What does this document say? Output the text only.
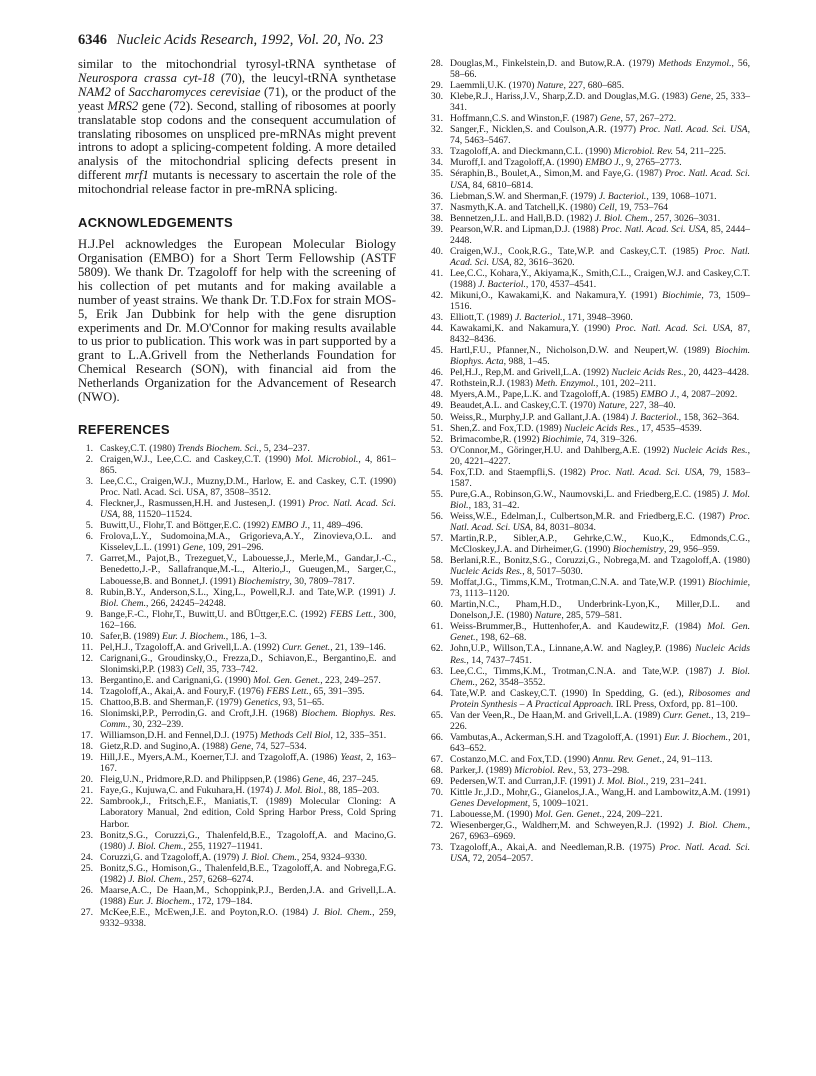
6346 Nucleic Acids Research, 1992, Vol. 20, No. 23

similar to the mitochondrial tyrosyl-tRNA synthetase of Neurospora crassa cyt-18 (70), the leucyl-tRNA synthetase NAM2 of Saccharomyces cerevisiae (71), or the product of the yeast MRS2 gene (72). Second, stalling of ribosomes at poorly translatable stop codons and the consequent accumulation of translating ribosomes on unspliced pre-mRNAs might prevent introns to adopt a splicing-competent folding. A more detailed analysis of the mitochondrial splicing defects present in different mrf1 mutants is necessary to ascertain the role of the mitochondrial release factor in pre-mRNA splicing.

ACKNOWLEDGEMENTS

H.J.Pel acknowledges the European Molecular Biology Organisation (EMBO) for a Short Term Fellowship (ASTF 5809). We thank Dr. Tzagoloff for help with the screening of his collection of pet mutants and for making available a number of yeast strains. We thank Dr. T.D.Fox for strain MOS-5, Erik Jan Dubbink for help with the gene disruption experiments and Dr. M.O'Connor for making results available to us prior to publication. This work was in part supported by a grant to L.A.Grivell from the Netherlands Foundation for Chemical Research (SON), with financial aid from the Netherlands Organization for the Advancement of Research (NWO).

REFERENCES
1. Caskey,C.T. (1980) Trends Biochem. Sci., 5, 234–237.
2. Craigen,W.J., Lee,C.C. and Caskey,C.T. (1990) Mol. Microbiol., 4, 861–865.
3. Lee,C.C., Craigen,W.J., Muzny,D.M., Harlow, E. and Caskey, C.T. (1990) Proc. Natl. Acad. Sci. USA, 87, 3508–3512.
4. Fleckner,J., Rasmussen,H.H. and Justesen,J. (1991) Proc. Natl. Acad. Sci. USA, 88, 11520–11524.
5. Buwitt,U., Flohr,T. and Böttger,E.C. (1992) EMBO J., 11, 489–496.
6. Frolova,L.Y., Sudomoina,M.A., Grigorieva,A.Y., Zinovieva,O.L. and Kisselev,L.L. (1991) Gene, 109, 291–296.
7. Garret,M., Pajot,B., Trezeguet,V., Labouesse,J., Merle,M., Gandar,J.-C., Benedetto,J.-P., Sallafranque,M.-L., Alterio,J., Gueugen,M., Sarger,C., Labouesse,B. and Bonnet,J. (1991) Biochemistry, 30, 7809–7817.
8. Rubin,B.Y., Anderson,S.L., Xing,L., Powell,R.J. and Tate,W.P. (1991) J. Biol. Chem., 266, 24245–24248.
9. Bange,F.-C., Flohr,T., Buwitt,U. and BÜttger,E.C. (1992) FEBS Lett., 300, 162–166.
10. Safer,B. (1989) Eur. J. Biochem., 186, 1–3.
11. Pel,H.J., Tzagoloff,A. and Grivell,L.A. (1992) Curr. Genet., 21, 139–146.
12. Carignani,G., Groudinsky,O., Frezza,D., Schiavon,E., Bergantino,E. and Slonimski,P.P. (1983) Cell, 35, 733–742.
13. Bergantino,E. and Carignani,G. (1990) Mol. Gen. Genet., 223, 249–257.
14. Tzagoloff,A., Akai,A. and Foury,F. (1976) FEBS Lett., 65, 391–395.
15. Chattoo,B.B. and Sherman,F. (1979) Genetics, 93, 51–65.
16. Slonimski,P.P., Perrodin,G. and Croft,J.H. (1968) Biochem. Biophys. Res. Comm., 30, 232–239.
17. Williamson,D.H. and Fennel,D.J. (1975) Methods Cell Biol, 12, 335–351.
18. Gietz,R.D. and Sugino,A. (1988) Gene, 74, 527–534.
19. Hill,J.E., Myers,A.M., Koerner,T.J. and Tzagoloff,A. (1986) Yeast, 2, 163–167.
20. Fleig,U.N., Pridmore,R.D. and Philippsen,P. (1986) Gene, 46, 237–245.
21. Faye,G., Kujuwa,C. and Fukuhara,H. (1974) J. Mol. Biol., 88, 185–203.
22. Sambrook,J., Fritsch,E.F., Maniatis,T. (1989) Molecular Cloning: A Laboratory Manual, 2nd edition, Cold Spring Harbor Press, Cold Spring Harbor.
23. Bonitz,S.G., Coruzzi,G., Thalenfeld,B.E., Tzagoloff,A. and Macino,G. (1980) J. Biol. Chem., 255, 11927–11941.
24. Coruzzi,G. and Tzagoloff,A. (1979) J. Biol. Chem., 254, 9324–9330.
25. Bonitz,S.G., Homison,G., Thalenfeld,B.E., Tzagoloff,A. and Nobrega,F.G. (1982) J. Biol. Chem., 257, 6268–6274.
26. Maarse,A.C., De Haan,M., Schoppink,P.J., Berden,J.A. and Grivell,L.A. (1988) Eur. J. Biochem., 172, 179–184.
27. McKee,E.E., McEwen,J.E. and Poyton,R.O. (1984) J. Biol. Chem., 259, 9332–9338.
28. Douglas,M., Finkelstein,D. and Butow,R.A. (1979) Methods Enzymol., 56, 58–66.
29. Laemmli,U.K. (1970) Nature, 227, 680–685.
30. Klebe,R.J., Hariss,J.V., Sharp,Z.D. and Douglas,M.G. (1983) Gene, 25, 333–341.
31. Hoffmann,C.S. and Winston,F. (1987) Gene, 57, 267–272.
32. Sanger,F., Nicklen,S. and Coulson,A.R. (1977) Proc. Natl. Acad. Sci. USA, 74, 5463–5467.
33. Tzagoloff,A. and Dieckmann,C.L. (1990) Microbiol. Rev. 54, 211–225.
34. Muroff,I. and Tzagoloff,A. (1990) EMBO J., 9, 2765–2773.
35. Séraphin,B., Boulet,A., Simon,M. and Faye,G. (1987) Proc. Natl. Acad. Sci. USA, 84, 6810–6814.
36. Liebman,S.W. and Sherman,F. (1979) J. Bacteriol., 139, 1068–1071.
37. Nasmyth,K.A. and Tatchell,K. (1980) Cell, 19, 753–764
38. Bennetzen,J.L. and Hall,B.D. (1982) J. Biol. Chem., 257, 3026–3031.
39. Pearson,W.R. and Lipman,D.J. (1988) Proc. Natl. Acad. Sci. USA, 85, 2444–2448.
40. Craigen,W.J., Cook,R.G., Tate,W.P. and Caskey,C.T. (1985) Proc. Natl. Acad. Sci. USA, 82, 3616–3620.
41. Lee,C.C., Kohara,Y., Akiyama,K., Smith,C.L., Craigen,W.J. and Caskey,C.T. (1988) J. Bacteriol., 170, 4537–4541.
42. Mikuni,O., Kawakami,K. and Nakamura,Y. (1991) Biochimie, 73, 1509–1516.
43. Elliott,T. (1989) J. Bacteriol., 171, 3948–3960.
44. Kawakami,K. and Nakamura,Y. (1990) Proc. Natl. Acad. Sci. USA, 87, 8432–8436.
45. Hartl,F.U., Pfanner,N., Nicholson,D.W. and Neupert,W. (1989) Biochim. Biophys. Acta, 988, 1–45.
46. Pel,H.J., Rep,M. and Grivell,L.A. (1992) Nucleic Acids Res., 20, 4423–4428.
47. Rothstein,R.J. (1983) Meth. Enzymol., 101, 202–211.
48. Myers,A.M., Pape,L.K. and Tzagoloff,A. (1985) EMBO J., 4, 2087–2092.
49. Beaudet,A.L. and Caskey,C.T. (1970) Nature, 227, 38–40.
50. Weiss,R., Murphy,J.P. and Gallant,J.A. (1984) J. Bacteriol., 158, 362–364.
51. Shen,Z. and Fox,T.D. (1989) Nucleic Acids Res., 17, 4535–4539.
52. Brimacombe,R. (1992) Biochimie, 74, 319–326.
53. O'Connor,M., Göringer,H.U. and Dahlberg,A.E. (1992) Nucleic Acids Res., 20, 4221–4227.
54. Fox,T.D. and Staempfli,S. (1982) Proc. Natl. Acad. Sci. USA, 79, 1583–1587.
55. Pure,G.A., Robinson,G.W., Naumovski,L. and Friedberg,E.C. (1985) J. Mol. Biol., 183, 31–42.
56. Weiss,W.E., Edelman,I., Culbertson,M.R. and Friedberg,E.C. (1987) Proc. Natl. Acad. Sci. USA, 84, 8031–8034.
57. Martin,R.P., Sibler,A.P., Gehrke,C.W., Kuo,K., Edmonds,C.G., McCloskey,J.A. and Dirheimer,G. (1990) Biochemistry, 29, 956–959.
58. Berlani,R.E., Bonitz,S.G., Coruzzi,G., Nobrega,M. and Tzagoloff,A. (1980) Nucleic Acids Res., 8, 5017–5030.
59. Moffat,J.G., Timms,K.M., Trotman,C.N.A. and Tate,W.P. (1991) Biochimie, 73, 1113–1120.
60. Martin,N.C., Pham,H.D., Underbrink-Lyon,K., Miller,D.L. and Donelson,J.E. (1980) Nature, 285, 579–581.
61. Weiss-Brummer,B., Huttenhofer,A. and Kaudewitz,F. (1984) Mol. Gen. Genet., 198, 62–68.
62. John,U.P., Willson,T.A., Linnane,A.W. and Nagley,P. (1986) Nucleic Acids Res., 14, 7437–7451.
63. Lee,C.C., Timms,K.M., Trotman,C.N.A. and Tate,W.P. (1987) J. Biol. Chem., 262, 3548–3552.
64. Tate,W.P. and Caskey,C.T. (1990) In Spedding, G. (ed.), Ribosomes and Protein Synthesis – A Practical Approach. IRL Press, Oxford, pp. 81–100.
65. Van der Veen,R., De Haan,M. and Grivell,L.A. (1989) Curr. Genet., 13, 219–226.
66. Vambutas,A., Ackerman,S.H. and Tzagoloff,A. (1991) Eur. J. Biochem., 201, 643–652.
67. Costanzo,M.C. and Fox,T.D. (1990) Annu. Rev. Genet., 24, 91–113.
68. Parker,J. (1989) Microbiol. Rev., 53, 273–298.
69. Pedersen,W.T. and Curran,J.F. (1991) J. Mol. Biol., 219, 231–241.
70. Kittle Jr.,J.D., Mohr,G., Gianelos,J.A., Wang,H. and Lambowitz,A.M. (1991) Genes Development, 5, 1009–1021.
71. Labouesse,M. (1990) Mol. Gen. Genet., 224, 209–221.
72. Wiesenberger,G., Waldherr,M. and Schweyen,R.J. (1992) J. Biol. Chem., 267, 6963–6969.
73. Tzagoloff,A., Akai,A. and Needleman,R.B. (1975) Proc. Natl. Acad. Sci. USA, 72, 2054–2057.
